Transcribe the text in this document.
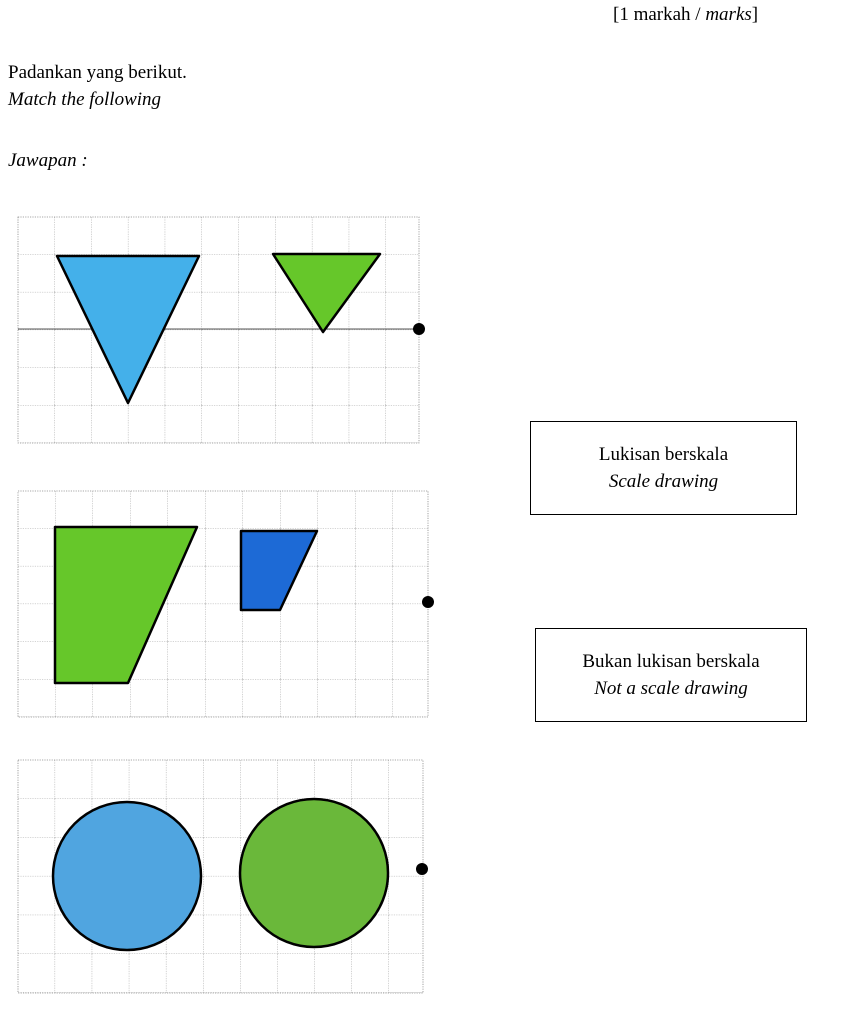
[1 markah / marks]
Padankan yang berikut.
Match the following
Jawapan :
Lukisan berskala
Scale drawing
Bukan lukisan berskala
Not a scale drawing
